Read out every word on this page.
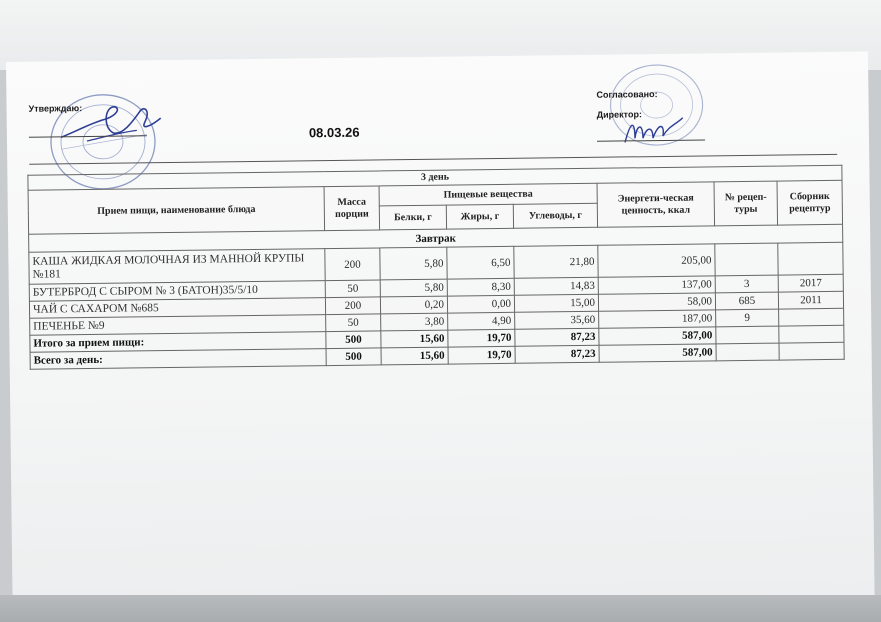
Утверждаю:
08.03.26
Согласовано:
Директор:
3 день							
Прием пищи, наименование блюда	Масса порции	Пищевые вещества			Энергети-ческая ценность, ккал	№ рецеп-туры	Сборник рецептур
		Белки, г	Жиры, г	Углеводы, г			
Завтрак							
КАША ЖИДКАЯ МОЛОЧНАЯ ИЗ МАННОЙ КРУПЫ №181	200	5,80	6,50	21,80	205,00		
БУТЕРБРОД С СЫРОМ № 3 (БАТОН)35/5/10	50	5,80	8,30	14,83	137,00	3	2017
ЧАЙ С САХАРОМ №685	200	0,20	0,00	15,00	58,00	685	2011
ПЕЧЕНЬЕ №9	50	3,80	4,90	35,60	187,00	9	
Итого за прием пищи:	500	15,60	19,70	87,23	587,00		
Всего за день:	500	15,60	19,70	87,23	587,00		
